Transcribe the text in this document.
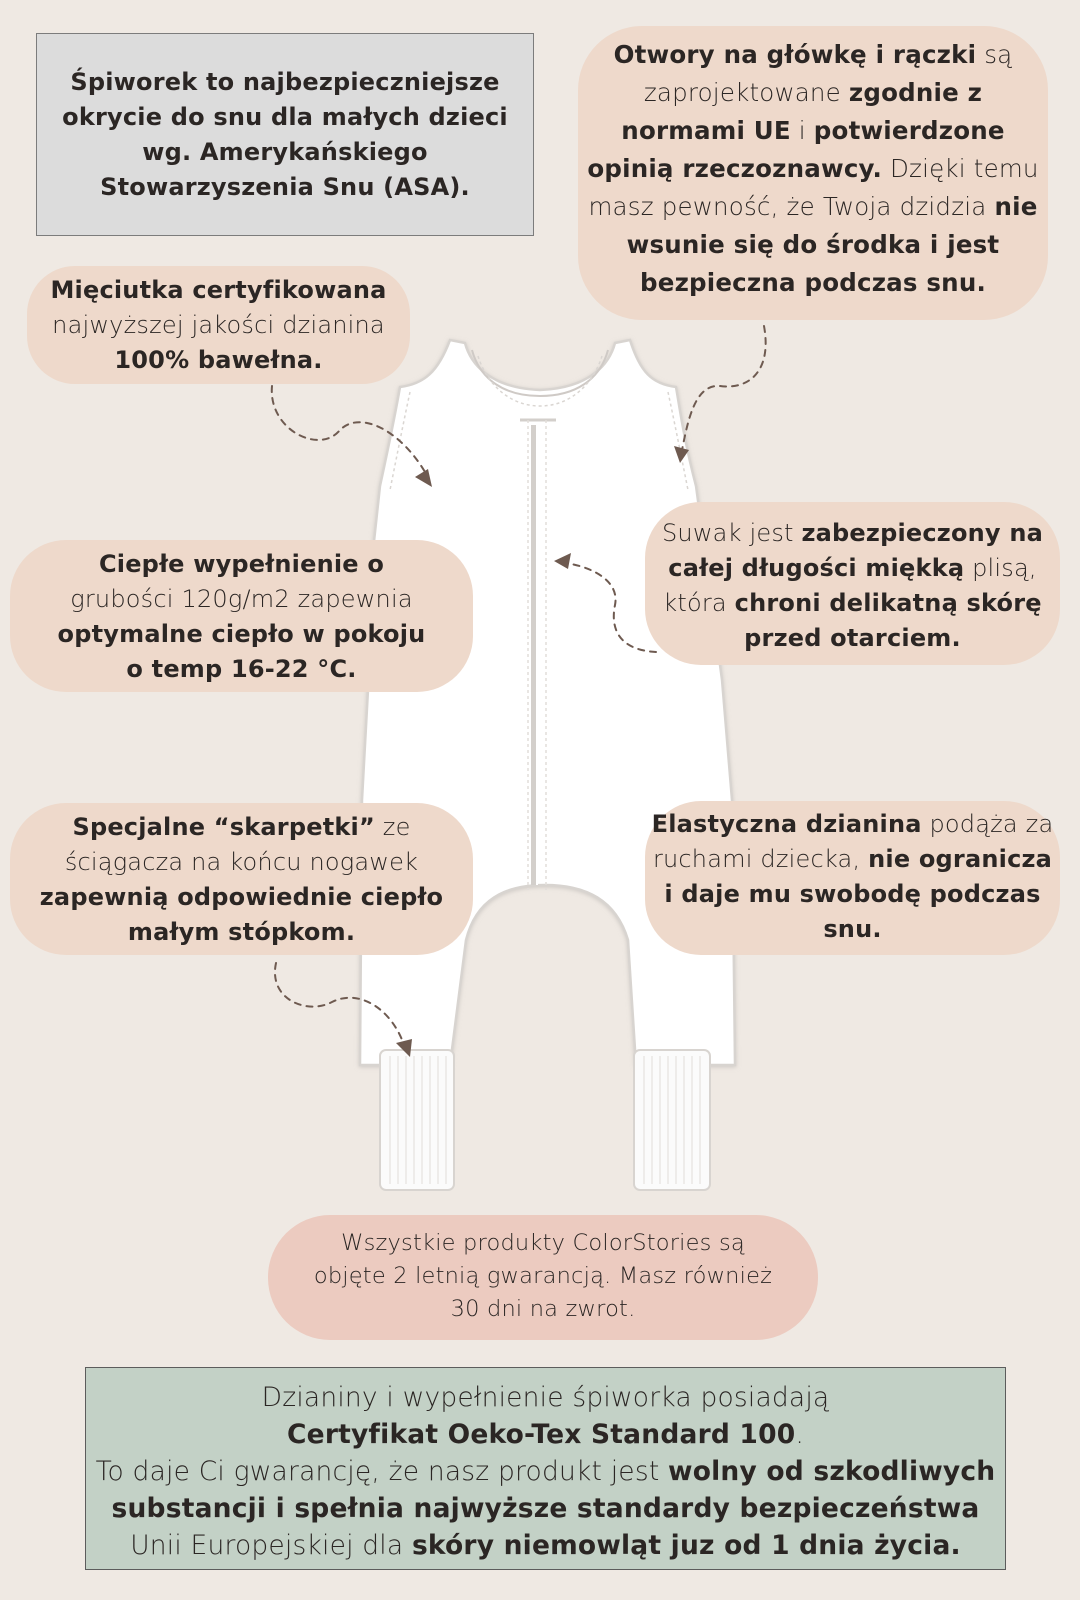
Śpiworek to najbezpieczniejsze okrycie do snu dla małych dzieci wg. Amerykańskiego Stowarzyszenia Snu (ASA).
Otwory na główkę i rączki są zaprojektowane zgodnie z normami UE i potwierdzone opinią rzeczoznawcy. Dzięki temu masz pewność, że Twoja dzidzia nie wsunie się do środka i jest bezpieczna podczas snu.
Mięciutka certyfikowana
najwyższej jakości dzianina
100% bawełna.
Ciepłe wypełnienie o
grubości 120g/m2 zapewnia
optymalne ciepło w pokoju
o temp 16-22 °C.
Suwak jest zabezpieczony na całej długości miękką plisą, która chroni delikatną skórę przed otarciem.
Specjalne “skarpetki” ze
ściągacza na końcu nogawek
zapewnią odpowiednie ciepło małym stópkom.
Elastyczna dzianina podąża za ruchami dziecka, nie ogranicza i daje mu swobodę podczas snu.
Wszystkie produkty ColorStories są
objęte 2 letnią gwarancją. Masz również
30 dni na zwrot.
Dzianiny i wypełnienie śpiworka posiadają
Certyfikat Oeko-Tex Standard 100.
To daje Ci gwarancję, że nasz produkt jest wolny od szkodliwych substancji i spełnia najwyższe standardy bezpieczeństwa Unii Europejskiej dla skóry niemowląt juz od 1 dnia życia.
